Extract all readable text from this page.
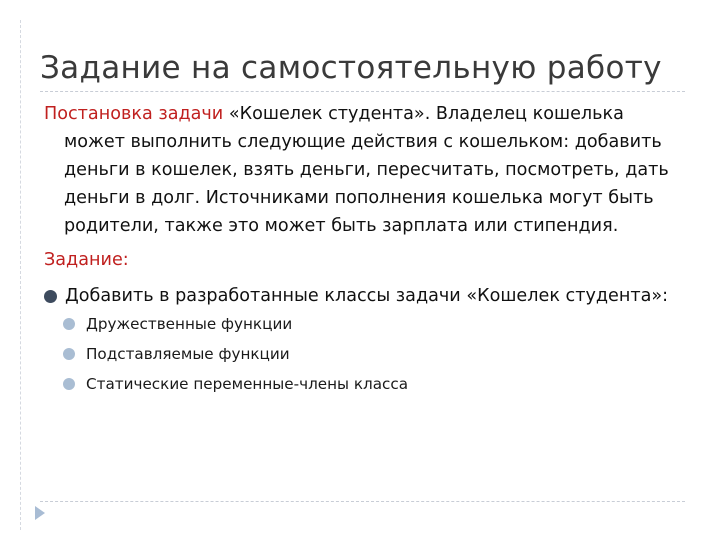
Задание на самостоятельную работу

Постановка задачи «Кошелек студента». Владелец кошелька может выполнить следующие действия с кошельком: добавить деньги в кошелек, взять деньги, пересчитать, посмотреть, дать деньги в долг. Источниками пополнения кошелька могут быть родители, также это может быть зарплата или стипендия.

Задание:
Добавить в разработанные классы задачи «Кошелек студента»:
Дружественные функции
Подставляемые функции
Статические переменные-члены класса
